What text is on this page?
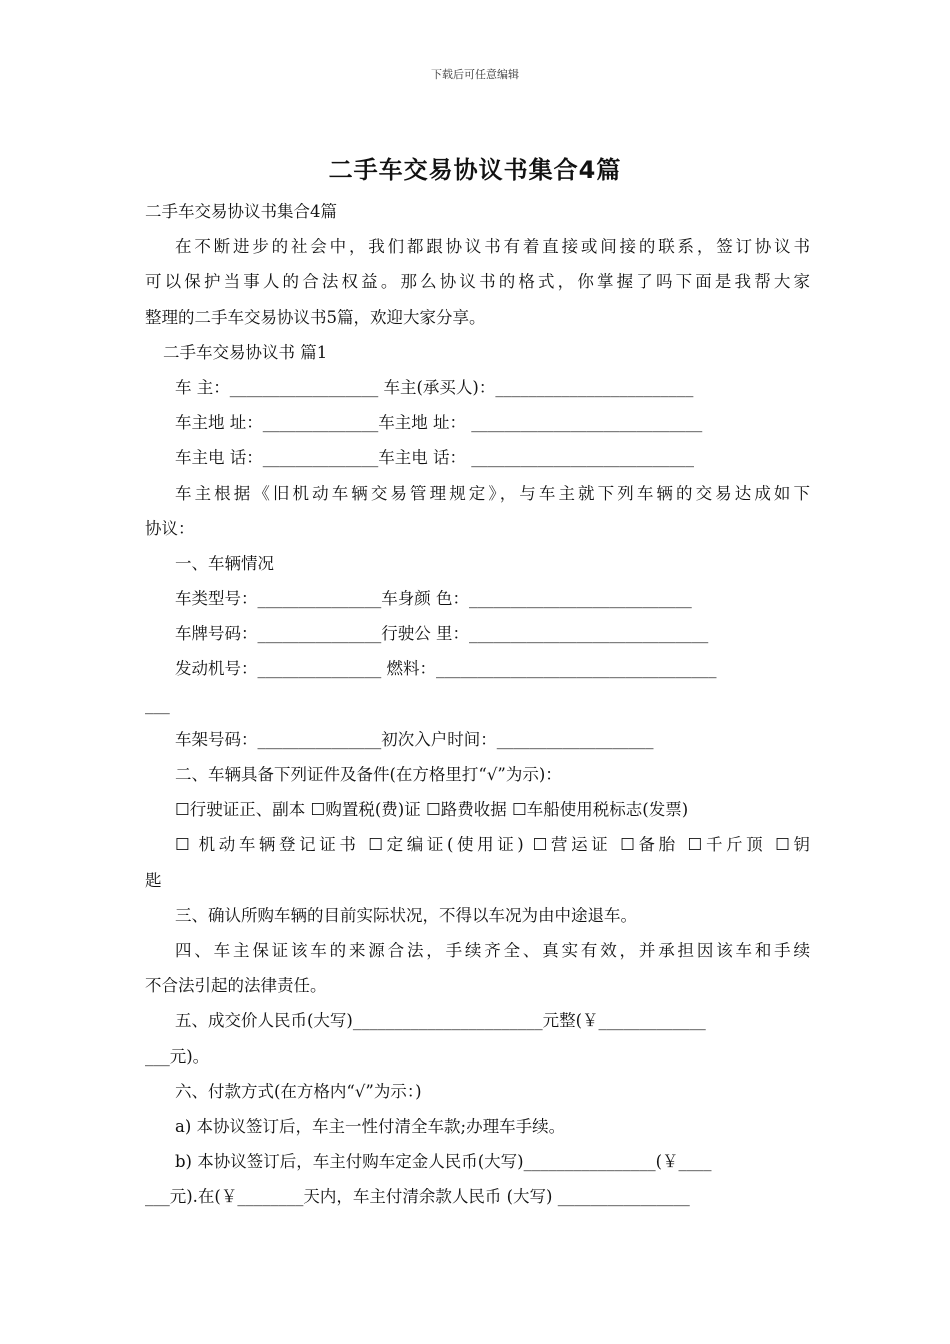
下载后可任意编辑
二手车交易协议书集合4篇
二手车交易协议书集合4篇
在不断进步的社会中，我们都跟协议书有着直接或间接的联系，签订协议书
可以保护当事人的合法权益。那么协议书的格式，你掌握了吗下面是我帮大家
整理的二手车交易协议书5篇，欢迎大家分享。
二手车交易协议书 篇1
车 主：__________________ 车主(承买人)：________________________
车主地 址：______________车主地 址： ____________________________
车主电 话：______________车主电 话： ___________________________
车主根据《旧机动车辆交易管理规定》，与车主就下列车辆的交易达成如下
协议：
一、车辆情况
车类型号：_______________车身颜 色：___________________________
车牌号码：_______________行驶公 里：_____________________________
发动机号：_______________ 燃料：__________________________________
___
车架号码：_______________初次入户时间：___________________
二、车辆具备下列证件及备件(在方格里打“√”为示)：
☐行驶证正、副本 ☐购置税(费)证 ☐路费收据 ☐车船使用税标志(发票)
☐ 机动车辆登记证书 ☐定编证(使用证) ☐营运证 ☐备胎 ☐千斤顶 ☐钥
匙
三、确认所购车辆的目前实际状况，不得以车况为由中途退车。
四、车主保证该车的来源合法，手续齐全、真实有效，并承担因该车和手续
不合法引起的法律责任。
五、成交价人民币(大写)_______________________元整(￥_____________
___元)。
六、付款方式(在方格内“√”为示：)
a) 本协议签订后，车主一性付清全车款;办理车手续。
b) 本协议签订后，车主付购车定金人民币(大写)________________(￥____
___元).在(￥________天内，车主付清余款人民币 (大写) ________________
